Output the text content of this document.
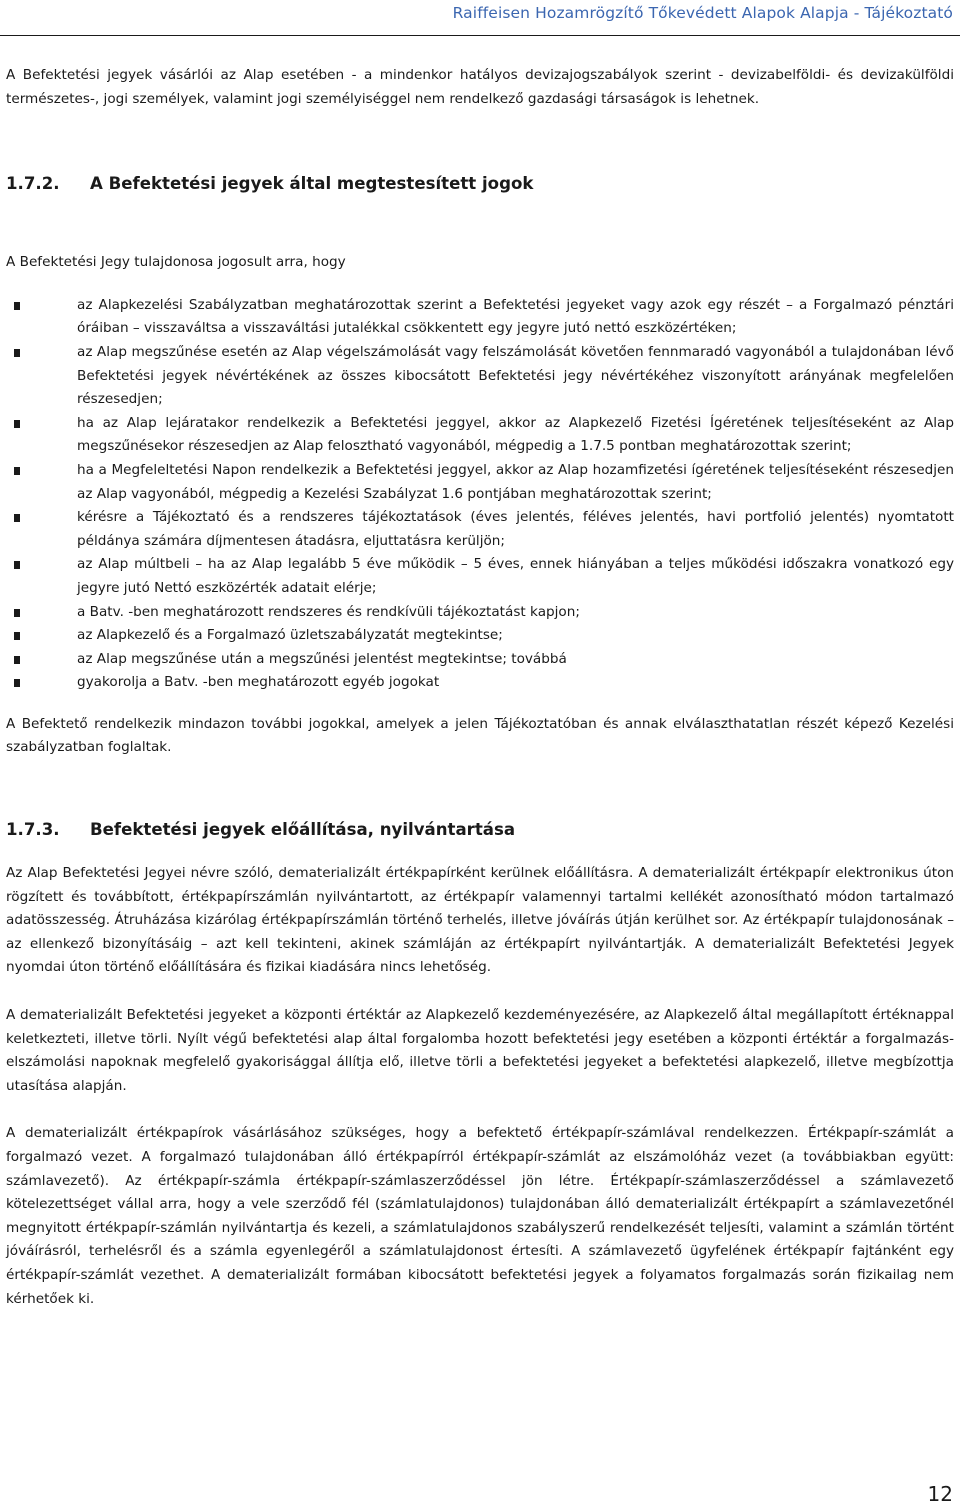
Raiffeisen Hozamrögzítő Tőkevédett Alapok Alapja - Tájékoztató

A Befektetési jegyek vásárlói az Alap esetében - a mindenkor hatályos devizajogszabályok szerint - devizabelföldi- és devizakülföldi természetes-, jogi személyek, valamint jogi személyiséggel nem rendelkező gazdasági társaságok is lehetnek.

1.7.2.	A Befektetési jegyek által megtestesített jogok

A Befektetési Jegy tulajdonosa jogosult arra, hogy

az Alapkezelési Szabályzatban meghatározottak szerint a Befektetési jegyeket vagy azok egy részét – a Forgalmazó pénztári óráiban – visszaváltsa a visszaváltási jutalékkal csökkentett egy jegyre jutó nettó eszközértéken;
az Alap megszűnése esetén az Alap végelszámolását vagy felszámolását követően fennmaradó vagyonából a tulajdonában lévő Befektetési jegyek névértékének az összes kibocsátott Befektetési jegy névértékéhez viszonyított arányának megfelelően részesedjen;
ha az Alap lejáratakor rendelkezik a Befektetési jeggyel, akkor az Alapkezelő Fizetési Ígéretének teljesítéseként az Alap megszűnésekor részesedjen az Alap felosztható vagyonából, mégpedig a 1.7.5 pontban meghatározottak szerint;
ha a Megfeleltetési Napon rendelkezik a Befektetési jeggyel, akkor az Alap hozamfizetési ígéretének teljesítéseként részesedjen az Alap vagyonából, mégpedig a Kezelési Szabályzat 1.6 pontjában meghatározottak szerint;
kérésre a Tájékoztató és a rendszeres tájékoztatások (éves jelentés, féléves jelentés, havi portfolió jelentés) nyomtatott példánya számára díjmentesen átadásra, eljuttatásra kerüljön;
az Alap múltbeli – ha az Alap legalább 5 éve működik – 5 éves, ennek hiányában a teljes működési időszakra vonatkozó egy jegyre jutó Nettó eszközérték adatait elérje;
a Batv. -ben meghatározott rendszeres és rendkívüli tájékoztatást kapjon;
az Alapkezelő és a Forgalmazó üzletszabályzatát megtekintse;
az Alap megszűnése után a megszűnési jelentést megtekintse; továbbá
gyakorolja a Batv. -ben meghatározott egyéb jogokat

A Befektető rendelkezik mindazon további jogokkal, amelyek a jelen Tájékoztatóban és annak elválaszthatatlan részét képező Kezelési szabályzatban foglaltak.

1.7.3.	Befektetési jegyek előállítása, nyilvántartása

Az Alap Befektetési Jegyei névre szóló, dematerializált értékpapírként kerülnek előállításra. A dematerializált értékpapír elektronikus úton rögzített és továbbított, értékpapírszámlán nyilvántartott, az értékpapír valamennyi tartalmi kellékét azonosítható módon tartalmazó adatösszesség. Átruházása kizárólag értékpapírszámlán történő terhelés, illetve jóváírás útján kerülhet sor. Az értékpapír tulajdonosának – az ellenkező bizonyításáig – azt kell tekinteni, akinek számláján az értékpapírt nyilvántartják. A dematerializált Befektetési Jegyek nyomdai úton történő előállítására és fizikai kiadására nincs lehetőség.

A dematerializált Befektetési jegyeket a központi értéktár az Alapkezelő kezdeményezésére, az Alapkezelő által megállapított értéknappal keletkezteti, illetve törli. Nyílt végű befektetési alap által forgalomba hozott befektetési jegy esetében a központi értéktár a forgalmazás-elszámolási napoknak megfelelő gyakorisággal állítja elő, illetve törli a befektetési jegyeket a befektetési alapkezelő, illetve megbízottja utasítása alapján.

A dematerializált értékpapírok vásárlásához szükséges, hogy a befektető értékpapír-számlával rendelkezzen. Értékpapír-számlát a forgalmazó vezet. A forgalmazó tulajdonában álló értékpapírról értékpapír-számlát az elszámolóház vezet (a továbbiakban együtt: számlavezető). Az értékpapír-számla értékpapír-számlaszerződéssel jön létre. Értékpapír-számlaszerződéssel a számlavezető kötelezettséget vállal arra, hogy a vele szerződő fél (számlatulajdonos) tulajdonában álló dematerializált értékpapírt a számlavezetőnél megnyitott értékpapír-számlán nyilvántartja és kezeli, a számlatulajdonos szabályszerű rendelkezését teljesíti, valamint a számlán történt jóváírásról, terhelésről és a számla egyenlegéről a számlatulajdonost értesíti. A számlavezető ügyfelének értékpapír fajtánként egy értékpapír-számlát vezethet. A dematerializált formában kibocsátott befektetési jegyek a folyamatos forgalmazás során fizikailag nem kérhetőek ki.

12
